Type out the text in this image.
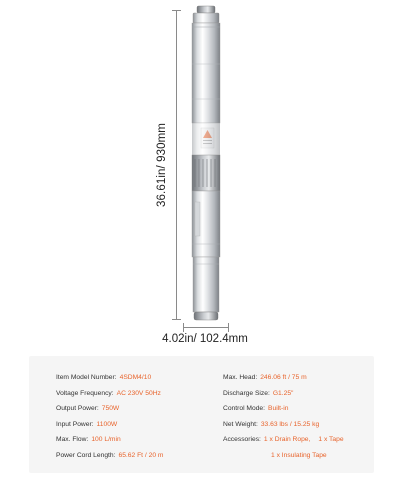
36.61in/ 930mm
4.02in/ 102.4mm
Item Model Number: 4SDM4/10
Voltage Frequency: AC 230V 50Hz
Output Power: 750W
Input Power: 1100W
Max. Flow: 100 L/min
Power Cord Length: 65.62 Ft / 20 m
Max. Head: 246.06 ft / 75 m
Discharge Size: G1.25"
Control Mode: Built-in
Net Weight: 33.63 lbs / 15.25 kg
Accessories: 1 x Drain Rope, 1 x Tape
1 x Insulating Tape
